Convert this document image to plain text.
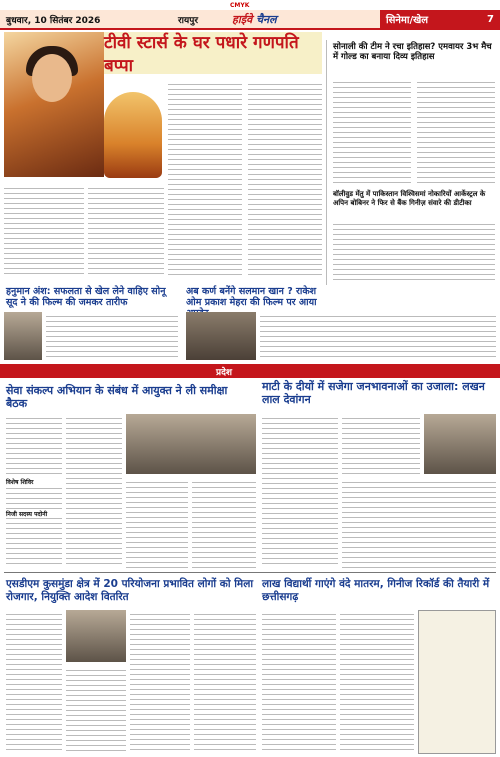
CMYK
बुधवार, 10 सितंबर 2026	रायपुर	सिनेमा/खेल	7
हाईवे चैनल
टीवी स्टार्स के घर पधारे गणपति बप्पा
सोनाली की टीम ने रचा इतिहास? एमवायर 3भ मैच में गोल्ड का बनाया दिव्य इतिहास
बॉलीवुड मेंतु में पाकिस्तान विश्विसमां नोकारियों आर्केस्ट्रल के अपिन बोबिनर ने फिर से बैंक गिनीज़ संवारे की डीटीका
हनुमान अंश: सफलता से खेल लेने वाहिए सोनू सूद ने की फिल्म की जमकर तारीफ
अब कर्ण बनेंगे सलमान खान ? राकेश ओम प्रकाश मेहरा की फिल्म पर आया
प्रदेश
सेवा संकल्प अभियान के संबंध में आयुक्त ने ली समीक्षा बैठक
माटी के दीयों में सजेगा जनभावनाओं का उजाला: लखन लाल देवांगन
विशेष शिविर
निजी सदस्य पदोनी
एसडीएम कुसमुंडा क्षेत्र में 20 परियोजना प्रभावित लोगों को मिला रोजगार, नियुक्ति आदेश वितरित
लाख विद्यार्थी गाएंगे वंदे मातरम, गिनीज रिकॉर्ड की तैयारी में छत्तीसगढ़
